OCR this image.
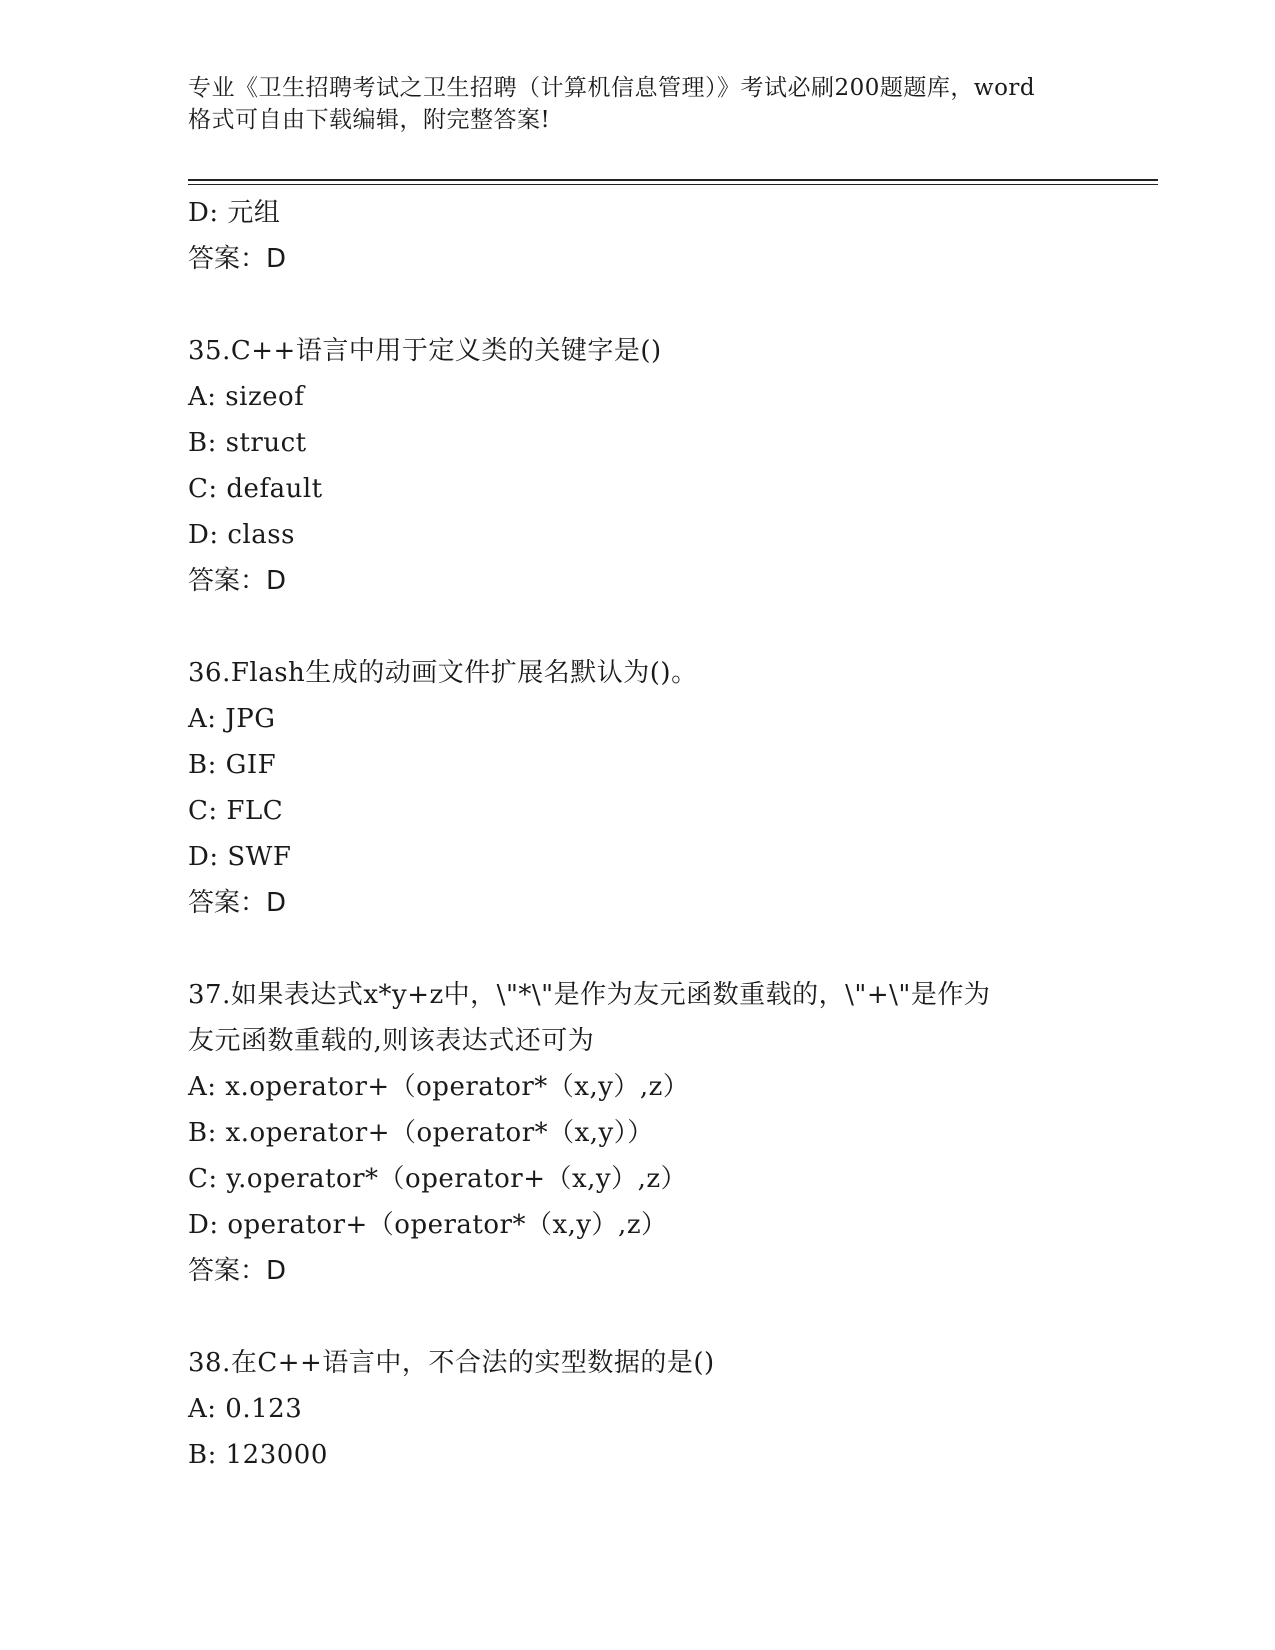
专业《卫生招聘考试之卫生招聘（计算机信息管理）》考试必刷200题题库，word
格式可自由下载编辑，附完整答案!
D: 元组
答案：D
35.C++语言中用于定义类的关键字是()
A: sizeof
B: struct
C: default
D: class
答案：D
36.Flash生成的动画文件扩展名默认为()。
A: JPG
B: GIF
C: FLC
D: SWF
答案：D
37.如果表达式x*y+z中，\"*\"是作为友元函数重载的，\"+\"是作为
友元函数重载的,则该表达式还可为
A: x.operator+（operator*（x,y）,z）
B: x.operator+（operator*（x,y））
C: y.operator*（operator+（x,y）,z）
D: operator+（operator*（x,y）,z）
答案：D
38.在C++语言中，不合法的实型数据的是()
A: 0.123
B: 123000
